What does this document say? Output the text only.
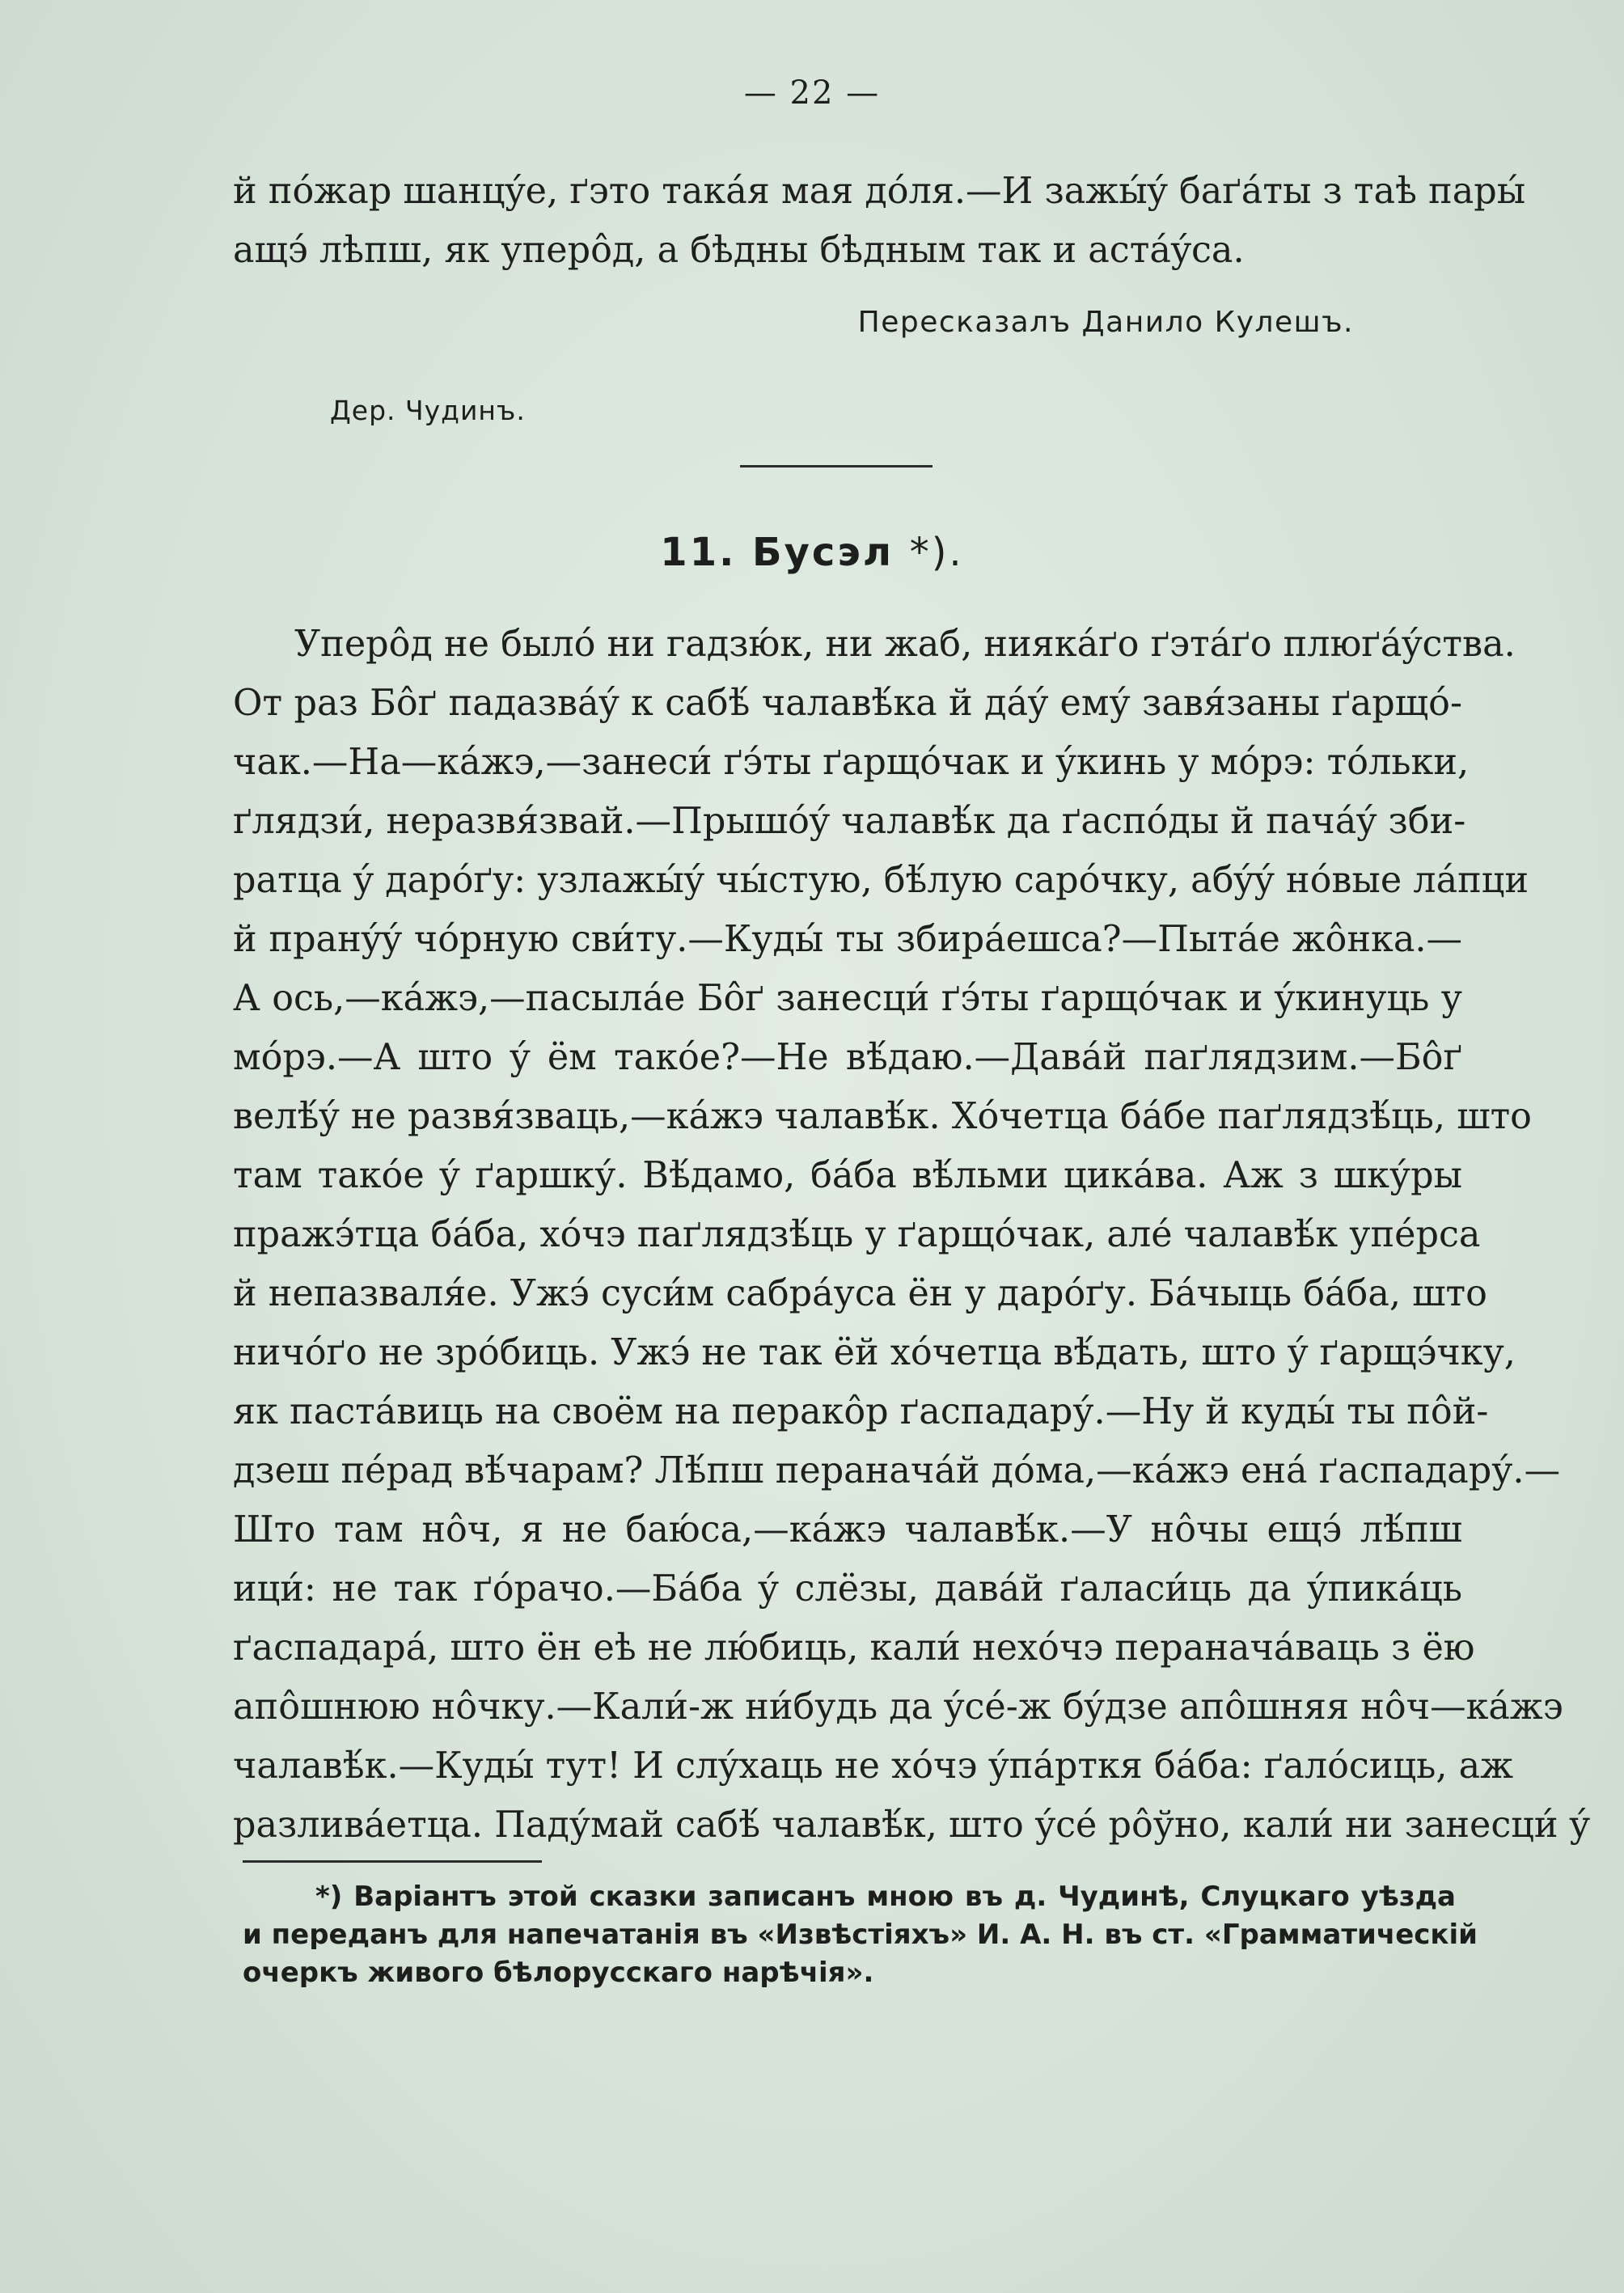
— 22 —
й пóжар шанцýе, ґэто такáя мая дóля.—И зажы́ý баґáты з таѣ пары́
ащэ́ лѣпш, як уперôд, а бѣдны бѣдным так и астáýса.
Пересказалъ Данило Кулешъ.
Дер. Чудинъ.
11. Бусэл *).
Уперôд не былó ни гадзю́к, ни жаб, нияка́ґо ґэта́ґо плюґа́ýства.
От раз Бôґ падазва́ý к сабѣ́ чалавѣ́ка й дáý ему́ завя́заны ґарщó-
чак.—На—кáжэ,—занеси́ ґэ́ты ґарщóчак и ýкинь у мóрэ: тóльки,
ґлядзи́, неразвя́звай.—Прышóý чалавѣ́к да ґаспóды й пача́ý зби-
ратца ý дарóґу: узлажы́ý чы́стую, бѣ́лую сарóчку, абýý нóвые лáпци
й пранýý чóрную сви́ту.—Куды́ ты збира́ешса?—Пыта́е жôнка.—
А ось,—кáжэ,—пасыла́е Бôґ занесци́ ґэ́ты ґарщóчак и ýкинуць у
мóрэ.—А што ý ём такóе?—Не вѣ́даю.—Дава́й паґлядзим.—Бôґ
велѣ́ý не развя́зваць,—кáжэ чалавѣ́к. Хóчетца бáбе паґлядзѣ́ць, што
там такóе ý ґаршку́. Вѣ́дамо, бáба вѣ́льми цикáва. Аж з шку́ры
пражэ́тца бáба, хóчэ паґлядзѣ́ць у ґарщóчак, але́ чалавѣ́к упéрса
й непазваля́е. Ужэ́ суси́м сабра́уса ён у дарóґу. Бáчыць бáба, што
ничóґо не зрóбиць. Ужэ́ не так ёй хóчетца вѣ́дать, што ý ґарщэ́чку,
як паста́виць на своём на перакôр ґаспадару́.—Ну й куды́ ты пôй-
дзеш пéрад вѣ́чарам? Лѣ́пш перанача́й дóма,—кáжэ ена́ ґаспадару́.—
Што там нôч, я не баю́са,—кáжэ чалавѣ́к.—У нôчы ещэ́ лѣ́пш
ици́: не так ґóрачо.—Бáба ý слёзы, дава́й ґаласи́ць да ýпика́ць
ґаспадара́, што ён еѣ не лю́биць, кали́ нехóчэ перанача́ваць з ёю
апôшнюю нôчку.—Кали́-ж ни́будь да ýсé-ж бýдзе апôшняя нôч—кáжэ
чалавѣ́к.—Куды́ тут! И слýхаць не хóчэ ýпáрткя бáба: ґалóсиць, аж
разлива́етца. Паду́май сабѣ́ чалавѣ́к, што ýсé рôўно, кали́ ни занесци́ ý
*) Варiантъ этой сказки записанъ мною въ д. Чудинѣ, Слуцкаго уѣзда
и переданъ для напечатанiя въ «Извѣстiяхъ» И. А. Н. въ ст. «Грамматическiй
очеркъ живого бѣлорусскаго нарѣчiя».
